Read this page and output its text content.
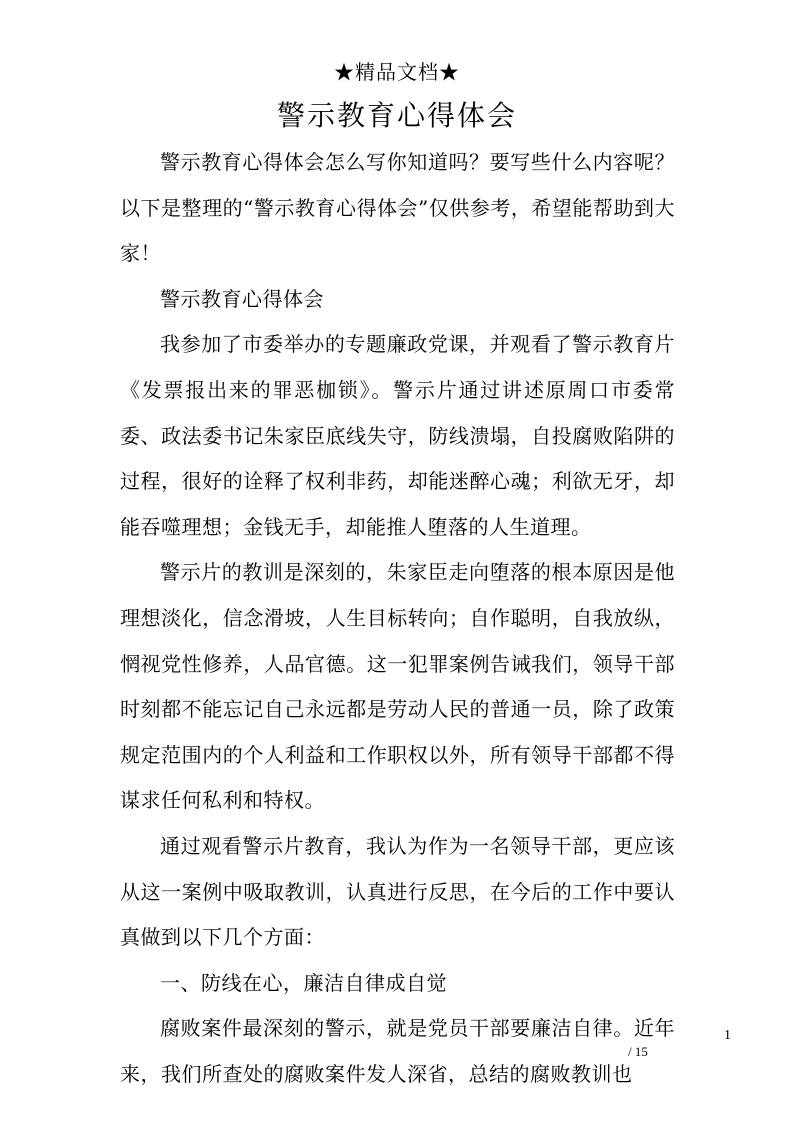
★精品文档★
警示教育心得体会

警示教育心得体会怎么写你知道吗？要写些什么内容呢？以下是整理的“警示教育心得体会”仅供参考，希望能帮助到大家！

警示教育心得体会

我参加了市委举办的专题廉政党课，并观看了警示教育片《发票报出来的罪恶枷锁》。警示片通过讲述原周口市委常委、政法委书记朱家臣底线失守，防线溃塌，自投腐败陷阱的过程，很好的诠释了权利非药，却能迷醉心魂；利欲无牙，却能吞噬理想；金钱无手，却能推人堕落的人生道理。

警示片的教训是深刻的，朱家臣走向堕落的根本原因是他理想淡化，信念滑坡，人生目标转向；自作聪明，自我放纵，惘视党性修养，人品官德。这一犯罪案例告诫我们，领导干部时刻都不能忘记自己永远都是劳动人民的普通一员，除了政策规定范围内的个人利益和工作职权以外，所有领导干部都不得谋求任何私利和特权。

通过观看警示片教育，我认为作为一名领导干部，更应该从这一案例中吸取教训，认真进行反思，在今后的工作中要认真做到以下几个方面：

一、防线在心，廉洁自律成自觉

腐败案件最深刻的警示，就是党员干部要廉洁自律。近年来，我们所查处的腐败案件发人深省，总结的腐败教训也

1
/ 15
